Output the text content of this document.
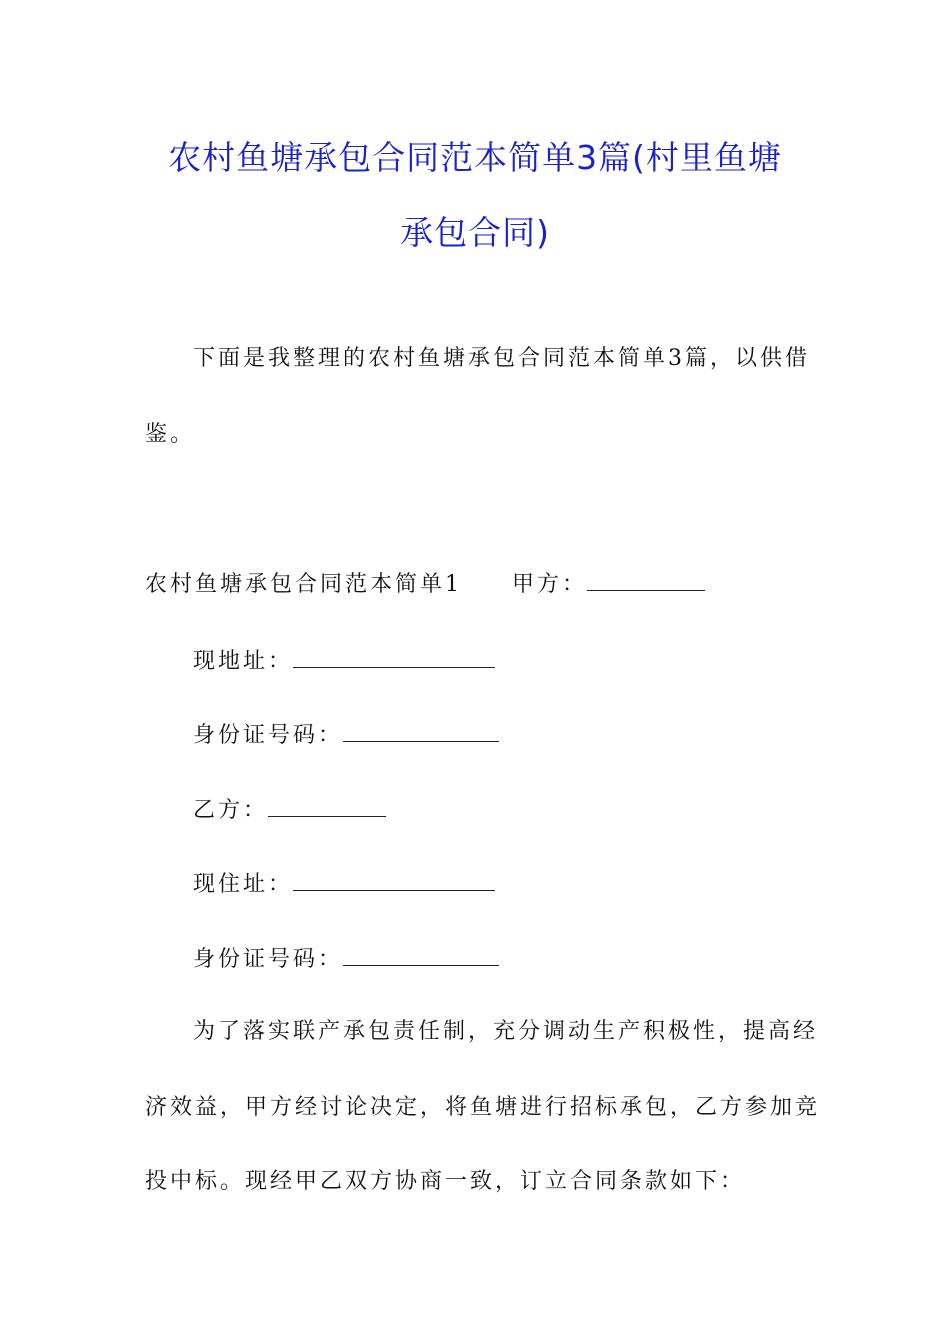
农村鱼塘承包合同范本简单3篇(村里鱼塘
承包合同)
下面是我整理的农村鱼塘承包合同范本简单3篇，以供借
鉴。
农村鱼塘承包合同范本简单1 甲方：
现地址：
身份证号码：
乙方：
现住址：
身份证号码：
为了落实联产承包责任制，充分调动生产积极性，提高经
济效益，甲方经讨论决定，将鱼塘进行招标承包，乙方参加竞
投中标。现经甲乙双方协商一致，订立合同条款如下：
